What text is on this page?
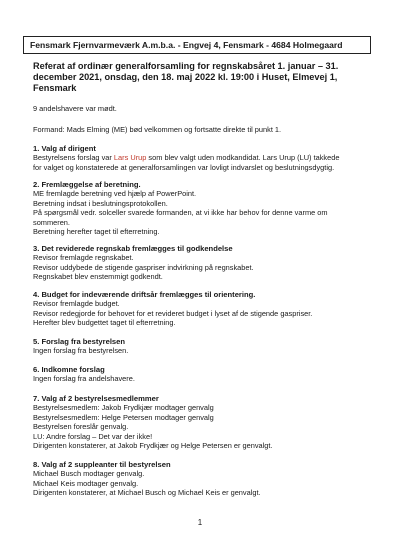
Fensmark Fjernvarmeværk A.m.b.a. - Engvej 4, Fensmark - 4684 Holmegaard
Referat af ordinær generalforsamling for regnskabsåret 1. januar – 31.
december 2021, onsdag, den 18. maj 2022 kl. 19:00 i Huset, Elmevej 1,
Fensmark
9 andelshavere var mødt.
Formand: Mads Elming (ME) bød velkommen og fortsatte direkte til punkt 1.
1. Valg af dirigent
Bestyrelsens forslag var Lars Urup som blev valgt uden modkandidat. Lars Urup (LU) takkede
for valget og konstaterede at generalforsamlingen var lovligt indvarslet og beslutningsdygtig.
2. Fremlæggelse af beretning.
ME fremlagde beretning ved hjælp af PowerPoint.
Beretning indsat i beslutningsprotokollen.
På spørgsmål vedr. solceller svarede formanden, at vi ikke har behov for denne varme om
sommeren.
Beretning herefter taget til efterretning.
3. Det reviderede regnskab fremlægges til godkendelse
Revisor fremlagde regnskabet.
Revisor uddybede de stigende gaspriser indvirkning på regnskabet.
Regnskabet blev enstemmigt godkendt.
4. Budget for indeværende driftsår fremlægges til orientering.
Revisor fremlagde budget.
Revisor redegjorde for behovet for et revideret budget i lyset af de stigende gaspriser.
Herefter blev budgettet taget til efterretning.
5. Forslag fra bestyrelsen
Ingen forslag fra bestyrelsen.
6. Indkomne forslag
Ingen forslag fra andelshavere.
7. Valg af 2 bestyrelsesmedlemmer
Bestyrelsesmedlem: Jakob Frydkjær modtager genvalg
Bestyrelsesmedlem: Helge Petersen modtager genvalg
Bestyrelsen foreslår genvalg.
LU: Andre forslag – Det var der ikke!
Dirigenten konstaterer, at Jakob Frydkjær og Helge Petersen er genvalgt.
8. Valg af 2 suppleanter til bestyrelsen
Michael Busch modtager genvalg.
Michael Keis modtager genvalg.
Dirigenten konstaterer, at Michael Busch og Michael Keis er genvalgt.
1
